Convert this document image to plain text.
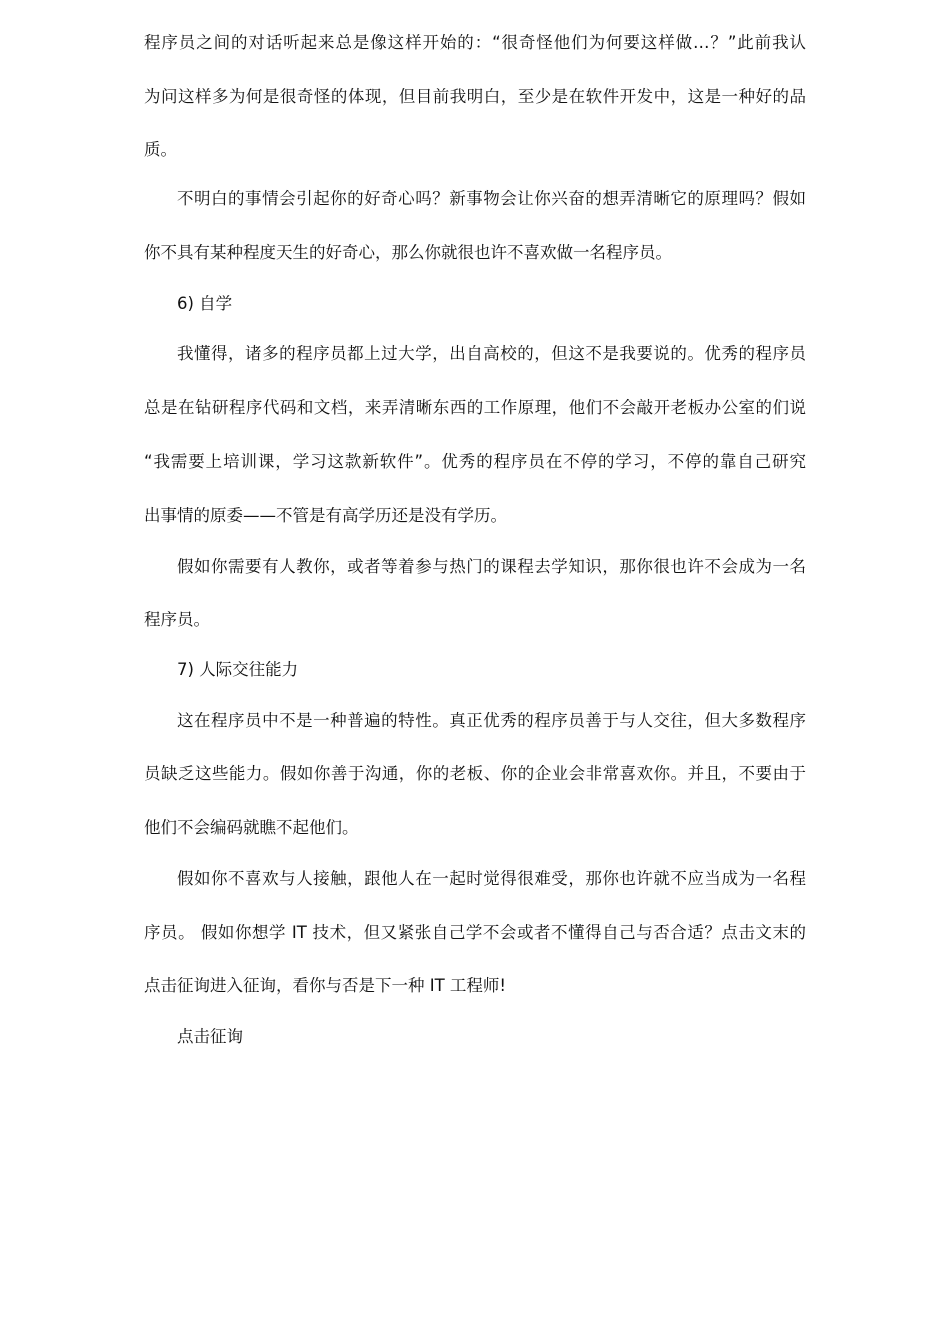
程序员之间的对话听起来总是像这样开始的：“很奇怪他们为何要这样做…？”此前我认
为问这样多为何是很奇怪的体现，但目前我明白，至少是在软件开发中，这是一种好的品
质。
不明白的事情会引起你的好奇心吗？新事物会让你兴奋的想弄清晰它的原理吗？假如
你不具有某种程度天生的好奇心，那么你就很也许不喜欢做一名程序员。
6) 自学
我懂得，诸多的程序员都上过大学，出自高校的，但这不是我要说的。优秀的程序员
总是在钻研程序代码和文档，来弄清晰东西的工作原理，他们不会敲开老板办公室的们说
“我需要上培训课，学习这款新软件”。优秀的程序员在不停的学习，不停的靠自己研究
出事情的原委——不管是有高学历还是没有学历。
假如你需要有人教你，或者等着参与热门的课程去学知识，那你很也许不会成为一名
程序员。
7) 人际交往能力
这在程序员中不是一种普遍的特性。真正优秀的程序员善于与人交往，但大多数程序
员缺乏这些能力。假如你善于沟通，你的老板、你的企业会非常喜欢你。并且，不要由于
他们不会编码就瞧不起他们。
假如你不喜欢与人接触，跟他人在一起时觉得很难受，那你也许就不应当成为一名程
序员。 假如你想学 IT 技术，但又紧张自己学不会或者不懂得自己与否合适？点击文末的
点击征询进入征询，看你与否是下一种 IT 工程师!
点击征询
